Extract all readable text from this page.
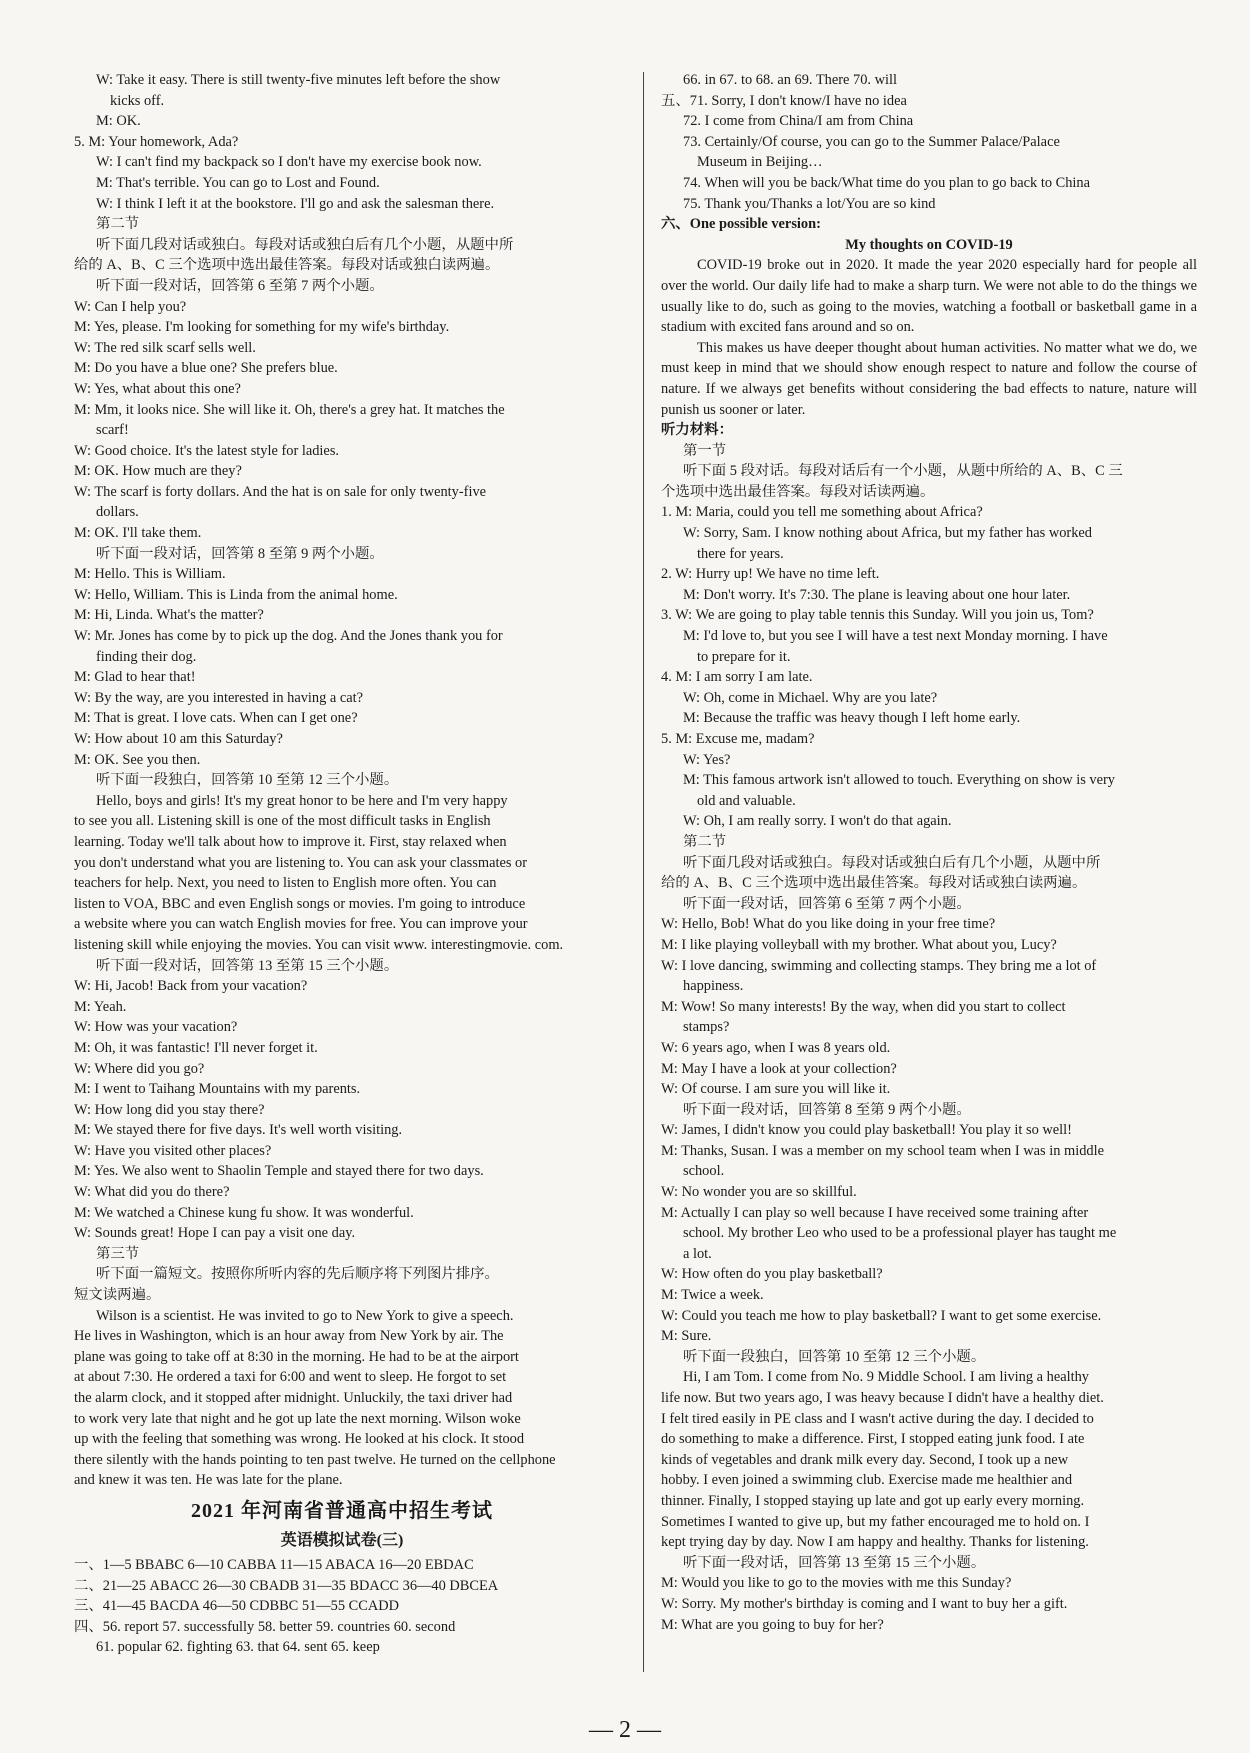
W: Take it easy. There is still twenty-five minutes left before the show
kicks off.
M: OK.
5. M: Your homework, Ada?
W: I can't find my backpack so I don't have my exercise book now.
M: That's terrible. You can go to Lost and Found.
W: I think I left it at the bookstore. I'll go and ask the salesman there.
第二节
听下面几段对话或独白。每段对话或独白后有几个小题，从题中所
给的 A、B、C 三个选项中选出最佳答案。每段对话或独白读两遍。
听下面一段对话，回答第 6 至第 7 两个小题。
W: Can I help you?
M: Yes, please. I'm looking for something for my wife's birthday.
W: The red silk scarf sells well.
M: Do you have a blue one? She prefers blue.
W: Yes, what about this one?
M: Mm, it looks nice. She will like it. Oh, there's a grey hat. It matches the
scarf!
W: Good choice. It's the latest style for ladies.
M: OK. How much are they?
W: The scarf is forty dollars. And the hat is on sale for only twenty-five
dollars.
M: OK. I'll take them.
听下面一段对话，回答第 8 至第 9 两个小题。
M: Hello. This is William.
W: Hello, William. This is Linda from the animal home.
M: Hi, Linda. What's the matter?
W: Mr. Jones has come by to pick up the dog. And the Jones thank you for
finding their dog.
M: Glad to hear that!
W: By the way, are you interested in having a cat?
M: That is great. I love cats. When can I get one?
W: How about 10 am this Saturday?
M: OK. See you then.
听下面一段独白，回答第 10 至第 12 三个小题。
Hello, boys and girls! It's my great honor to be here and I'm very happy
to see you all. Listening skill is one of the most difficult tasks in English
learning. Today we'll talk about how to improve it. First, stay relaxed when
you don't understand what you are listening to. You can ask your classmates or
teachers for help. Next, you need to listen to English more often. You can
listen to VOA, BBC and even English songs or movies. I'm going to introduce
a website where you can watch English movies for free. You can improve your
listening skill while enjoying the movies. You can visit www. interestingmovie. com.
听下面一段对话，回答第 13 至第 15 三个小题。
W: Hi, Jacob! Back from your vacation?
M: Yeah.
W: How was your vacation?
M: Oh, it was fantastic! I'll never forget it.
W: Where did you go?
M: I went to Taihang Mountains with my parents.
W: How long did you stay there?
M: We stayed there for five days. It's well worth visiting.
W: Have you visited other places?
M: Yes. We also went to Shaolin Temple and stayed there for two days.
W: What did you do there?
M: We watched a Chinese kung fu show. It was wonderful.
W: Sounds great! Hope I can pay a visit one day.
第三节
听下面一篇短文。按照你所听内容的先后顺序将下列图片排序。
短文读两遍。
Wilson is a scientist. He was invited to go to New York to give a speech.
He lives in Washington, which is an hour away from New York by air. The
plane was going to take off at 8:30 in the morning. He had to be at the airport
at about 7:30. He ordered a taxi for 6:00 and went to sleep. He forgot to set
the alarm clock, and it stopped after midnight. Unluckily, the taxi driver had
to work very late that night and he got up late the next morning. Wilson woke
up with the feeling that something was wrong. He looked at his clock. It stood
there silently with the hands pointing to ten past twelve. He turned on the cellphone
and knew it was ten. He was late for the plane.
2021 年河南省普通高中招生考试
英语模拟试卷(三)
一、1—5 BBABC 6—10 CABBA 11—15 ABACA 16—20 EBDAC
二、21—25 ABACC 26—30 CBADB 31—35 BDACC 36—40 DBCEA
三、41—45 BACDA 46—50 CDBBC 51—55 CCADD
四、56. report 57. successfully 58. better 59. countries 60. second
61. popular 62. fighting 63. that 64. sent 65. keep
66. in 67. to 68. an 69. There 70. will
五、71. Sorry, I don't know/I have no idea
72. I come from China/I am from China
73. Certainly/Of course, you can go to the Summer Palace/Palace
Museum in Beijing…
74. When will you be back/What time do you plan to go back to China
75. Thank you/Thanks a lot/You are so kind
六、One possible version:
My thoughts on COVID-19
COVID-19 broke out in 2020. It made the year 2020 especially hard for people all over the world. Our daily life had to make a sharp turn. We were not able to do the things we usually like to do, such as going to the movies, watching a football or basketball game in a stadium with excited fans around and so on.
This makes us have deeper thought about human activities. No matter what we do, we must keep in mind that we should show enough respect to nature and follow the course of nature. If we always get benefits without considering the bad effects to nature, nature will punish us sooner or later.
听力材料：
第一节
听下面 5 段对话。每段对话后有一个小题，从题中所给的 A、B、C 三
个选项中选出最佳答案。每段对话读两遍。
1. M: Maria, could you tell me something about Africa?
W: Sorry, Sam. I know nothing about Africa, but my father has worked
there for years.
2. W: Hurry up! We have no time left.
M: Don't worry. It's 7:30. The plane is leaving about one hour later.
3. W: We are going to play table tennis this Sunday. Will you join us, Tom?
M: I'd love to, but you see I will have a test next Monday morning. I have
to prepare for it.
4. M: I am sorry I am late.
W: Oh, come in Michael. Why are you late?
M: Because the traffic was heavy though I left home early.
5. M: Excuse me, madam?
W: Yes?
M: This famous artwork isn't allowed to touch. Everything on show is very
old and valuable.
W: Oh, I am really sorry. I won't do that again.
第二节
听下面几段对话或独白。每段对话或独白后有几个小题，从题中所
给的 A、B、C 三个选项中选出最佳答案。每段对话或独白读两遍。
听下面一段对话，回答第 6 至第 7 两个小题。
W: Hello, Bob! What do you like doing in your free time?
M: I like playing volleyball with my brother. What about you, Lucy?
W: I love dancing, swimming and collecting stamps. They bring me a lot of
happiness.
M: Wow! So many interests! By the way, when did you start to collect
stamps?
W: 6 years ago, when I was 8 years old.
M: May I have a look at your collection?
W: Of course. I am sure you will like it.
听下面一段对话，回答第 8 至第 9 两个小题。
W: James, I didn't know you could play basketball! You play it so well!
M: Thanks, Susan. I was a member on my school team when I was in middle
school.
W: No wonder you are so skillful.
M: Actually I can play so well because I have received some training after
school. My brother Leo who used to be a professional player has taught me
a lot.
W: How often do you play basketball?
M: Twice a week.
W: Could you teach me how to play basketball? I want to get some exercise.
M: Sure.
听下面一段独白，回答第 10 至第 12 三个小题。
Hi, I am Tom. I come from No. 9 Middle School. I am living a healthy
life now. But two years ago, I was heavy because I didn't have a healthy diet.
I felt tired easily in PE class and I wasn't active during the day. I decided to
do something to make a difference. First, I stopped eating junk food. I ate
kinds of vegetables and drank milk every day. Second, I took up a new
hobby. I even joined a swimming club. Exercise made me healthier and
thinner. Finally, I stopped staying up late and got up early every morning.
Sometimes I wanted to give up, but my father encouraged me to hold on. I
kept trying day by day. Now I am happy and healthy. Thanks for listening.
听下面一段对话，回答第 13 至第 15 三个小题。
M: Would you like to go to the movies with me this Sunday?
W: Sorry. My mother's birthday is coming and I want to buy her a gift.
M: What are you going to buy for her?
— 2 —
